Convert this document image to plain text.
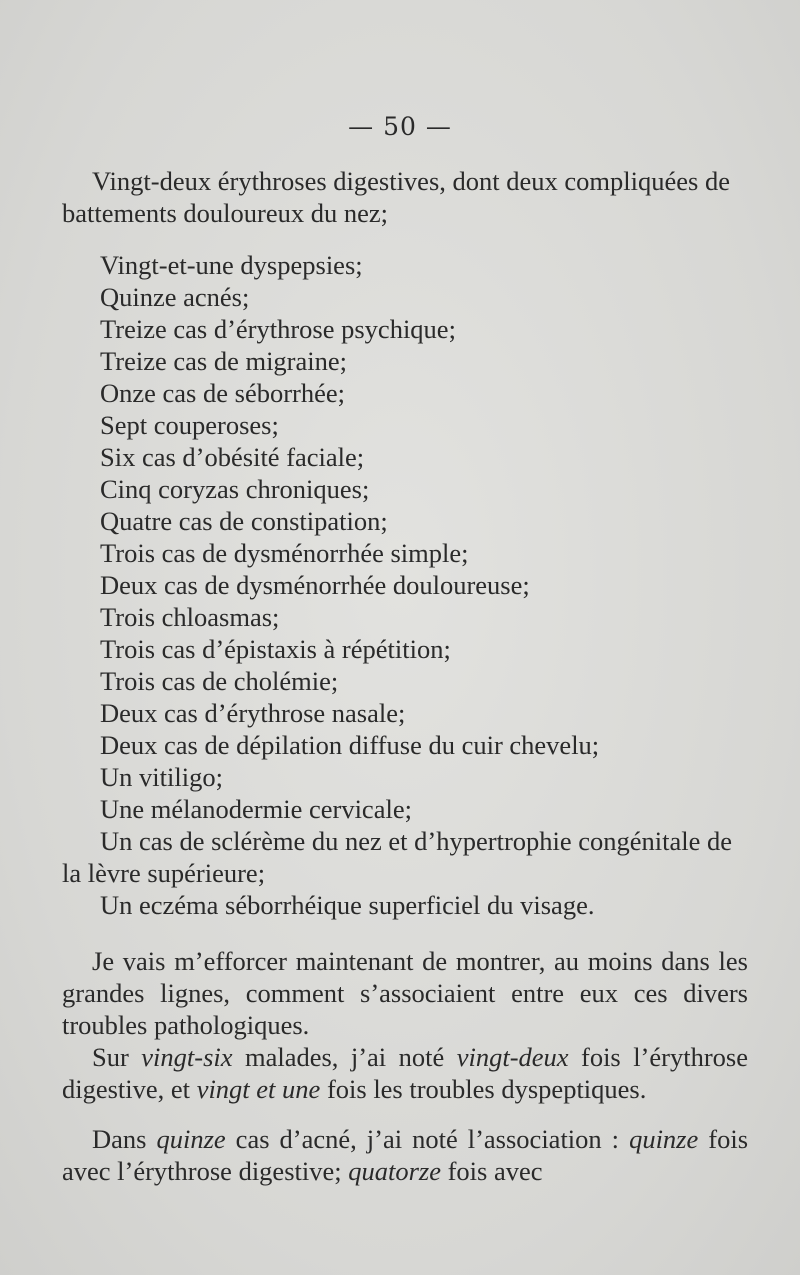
— 50 —

Vingt-deux érythroses digestives, dont deux compliquées de battements douloureux du nez;

Vingt-et-une dyspepsies;
Quinze acnés;
Treize cas d’érythrose psychique;
Treize cas de migraine;
Onze cas de séborrhée;
Sept couperoses;
Six cas d’obésité faciale;
Cinq coryzas chroniques;
Quatre cas de constipation;
Trois cas de dysménorrhée simple;
Deux cas de dysménorrhée douloureuse;
Trois chloasmas;
Trois cas d’épistaxis à répétition;
Trois cas de cholémie;
Deux cas d’érythrose nasale;
Deux cas de dépilation diffuse du cuir chevelu;
Un vitiligo;
Une mélanodermie cervicale;
Un cas de sclérème du nez et d’hypertrophie congénitale de la lèvre supérieure;
Un eczéma séborrhéique superficiel du visage.

Je vais m’efforcer maintenant de montrer, au moins dans les grandes lignes, comment s’associaient entre eux ces divers troubles pathologiques.

Sur vingt-six malades, j’ai noté vingt-deux fois l’érythrose digestive, et vingt et une fois les troubles dyspeptiques.

Dans quinze cas d’acné, j’ai noté l’association : quinze fois avec l’érythrose digestive; quatorze fois avec
